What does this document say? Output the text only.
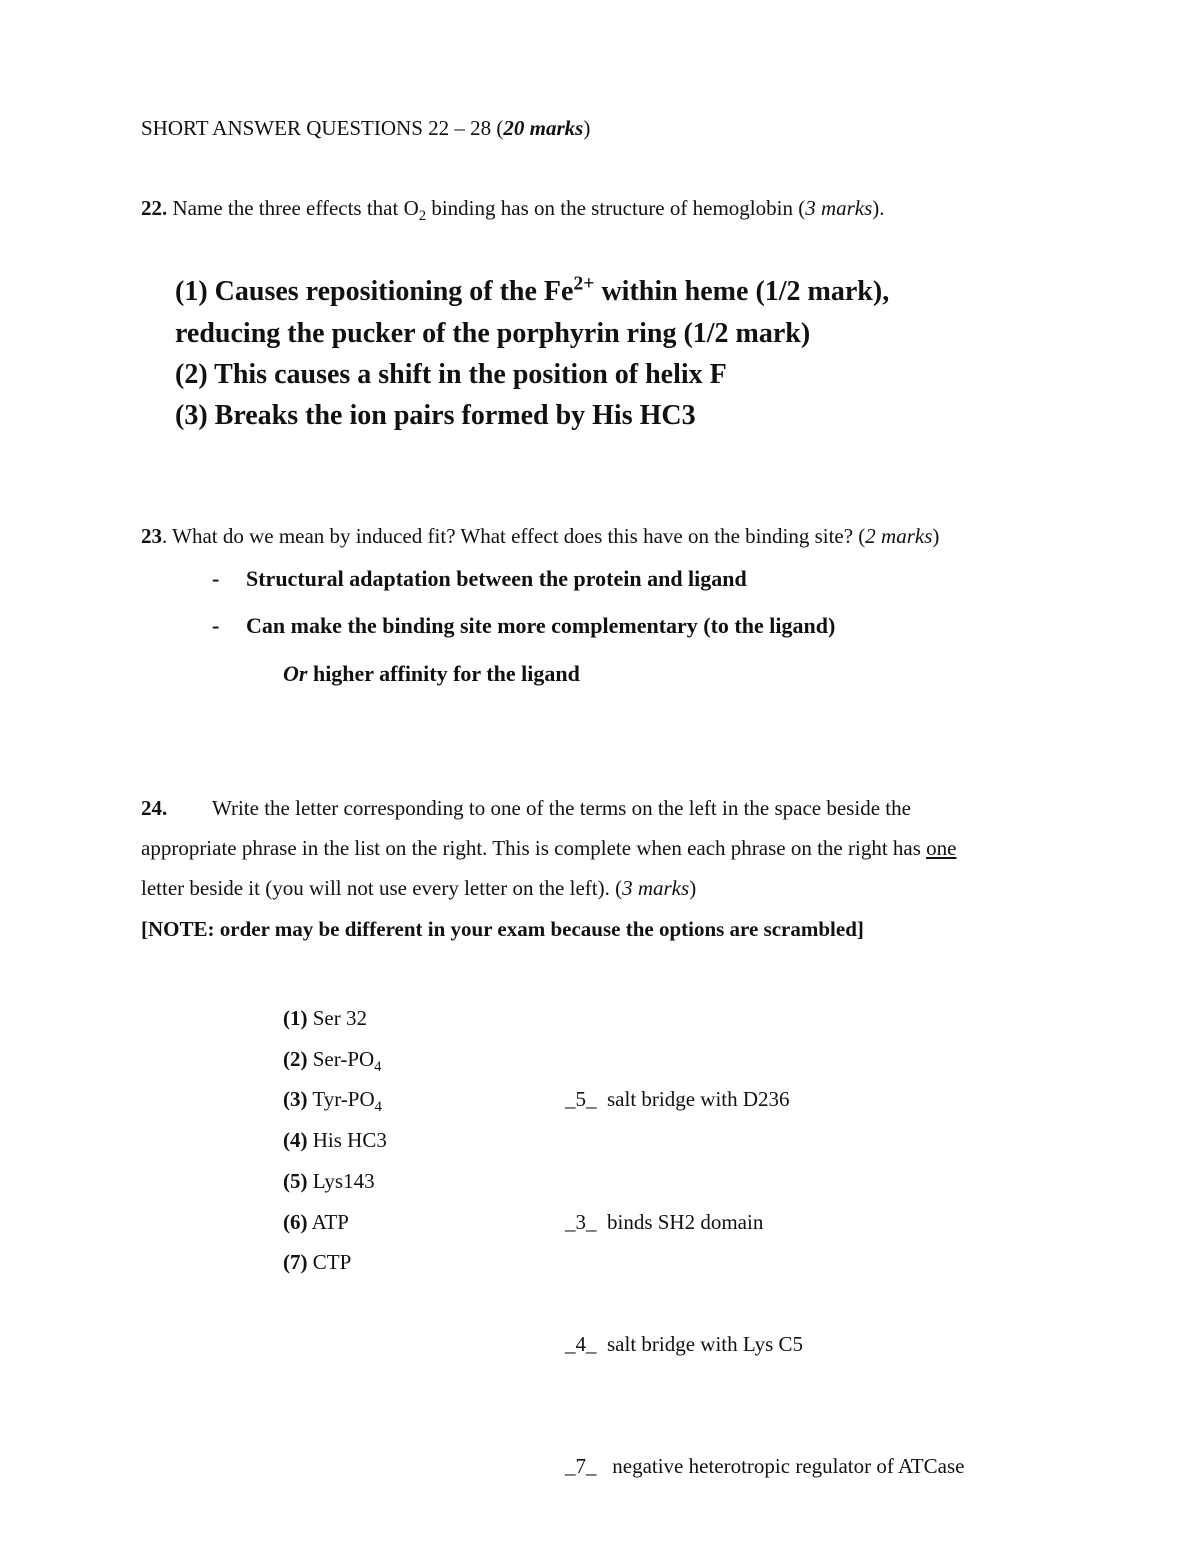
SHORT ANSWER QUESTIONS 22 – 28 (20 marks)
22. Name the three effects that $O_2$ binding has on the structure of hemoglobin (3 marks).
(1) Causes repositioning of the $Fe^{2+}$ within heme (1/2 mark),
reducing the pucker of the porphyrin ring (1/2 mark)
(2) This causes a shift in the position of helix F
(3) Breaks the ion pairs formed by His HC3
23. What do we mean by induced fit? What effect does this have on the binding site? (2 marks)
- Structural adaptation between the protein and ligand
- Can make the binding site more complementary (to the ligand)
Or higher affinity for the ligand
24. Write the letter corresponding to one of the terms on the left in the space beside the
appropriate phrase in the list on the right. This is complete when each phrase on the right has one
letter beside it (you will not use every letter on the left). (3 marks)
[NOTE: order may be different in your exam because the options are scrambled]
(1) Ser 32
(2) Ser-$PO_4$
(3) Tyr-$PO_4$
(4) His HC3
(5) Lys143
(6) ATP
(7) CTP

_5_  salt bridge with D236

_3_  binds SH2 domain

_4_  salt bridge with Lys C5

_7_   negative heterotropic regulator of ATCase
